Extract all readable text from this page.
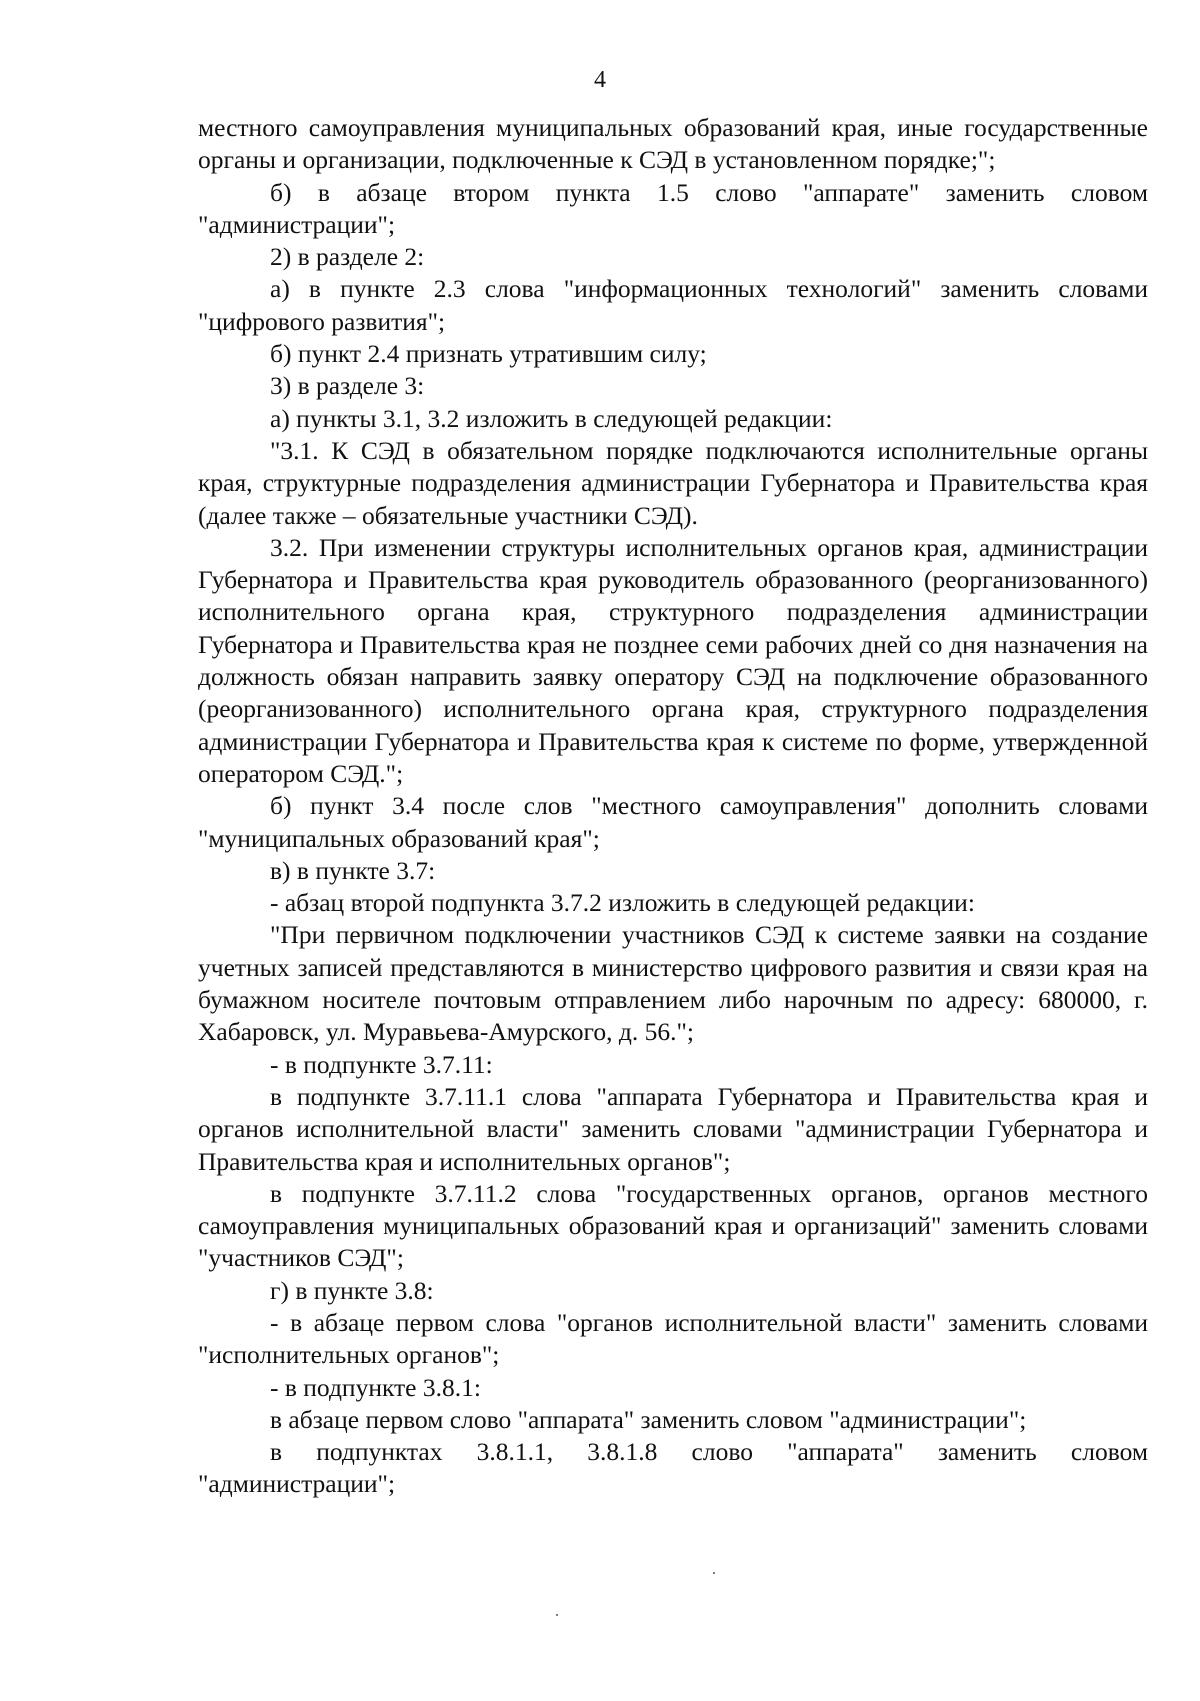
4

местного самоуправления муниципальных образований края, иные государственные органы и организации, подключенные к СЭД в установленном порядке;";

б) в абзаце втором пункта 1.5 слово "аппарате" заменить словом "администрации";

2) в разделе 2:

а) в пункте 2.3 слова "информационных технологий" заменить словами "цифрового развития";

б) пункт 2.4 признать утратившим силу;

3) в разделе 3:

а) пункты 3.1, 3.2 изложить в следующей редакции:

"3.1. К СЭД в обязательном порядке подключаются исполнительные органы края, структурные подразделения администрации Губернатора и Правительства края (далее также – обязательные участники СЭД).

3.2. При изменении структуры исполнительных органов края, администрации Губернатора и Правительства края руководитель образованного (реорганизованного) исполнительного органа края, структурного подразделения администрации Губернатора и Правительства края не позднее семи рабочих дней со дня назначения на должность обязан направить заявку оператору СЭД на подключение образованного (реорганизованного) исполнительного органа края, структурного подразделения администрации Губернатора и Правительства края к системе по форме, утвержденной оператором СЭД.";

б) пункт 3.4 после слов "местного самоуправления" дополнить словами "муниципальных образований края";

в) в пункте 3.7:

- абзац второй подпункта 3.7.2 изложить в следующей редакции:

"При первичном подключении участников СЭД к системе заявки на создание учетных записей представляются в министерство цифрового развития и связи края на бумажном носителе почтовым отправлением либо нарочным по адресу: 680000, г. Хабаровск, ул. Муравьева-Амурского, д. 56.";

- в подпункте 3.7.11:

в подпункте 3.7.11.1 слова "аппарата Губернатора и Правительства края и органов исполнительной власти" заменить словами "администрации Губернатора и Правительства края и исполнительных органов";

в подпункте 3.7.11.2 слова "государственных органов, органов местного самоуправления муниципальных образований края и организаций" заменить словами "участников СЭД";

г) в пункте 3.8:

- в абзаце первом слова "органов исполнительной власти" заменить словами "исполнительных органов";

- в подпункте 3.8.1:

в абзаце первом слово "аппарата" заменить словом "администрации";

в подпунктах 3.8.1.1, 3.8.1.8 слово "аппарата" заменить словом "администрации";
